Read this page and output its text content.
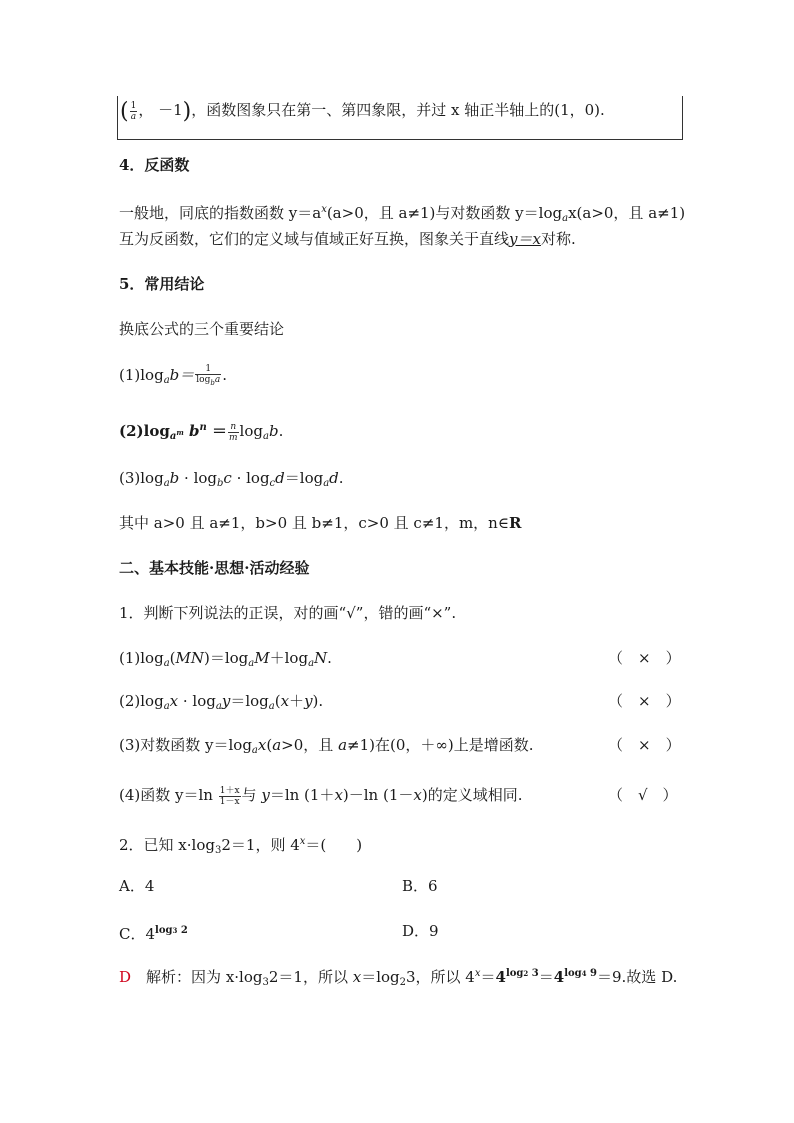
( $\frac{1}{a}$ ， －1)，函数图象只在第一、第四象限，并过 x 轴正半轴上的(1，0).
4．反函数
一般地，同底的指数函数 $y=a^x(a>0$，且 a≠1)与对数函数 $y=\log_ax(a>0$，且 a≠1)
互为反函数，它们的定义域与值域正好互换，图象关于直线y＝x对称.
5．常用结论
换底公式的三个重要结论
$(1)\log_ab= \frac{1}{\log_ba}$ .
$(2)\log_{a^m}$ $b^n = \frac{n}{m} \log_ab$.
$(3)\log_ab \cdot \log_bc \cdot \log_cd=\log_ad$.
其中 a>0 且 a≠1，b>0 且 b≠1，c>0 且 c≠1，m，n∈R
二、基本技能·思想·活动经验
1．判断下列说法的正误，对的画“√”，错的画“×”.
$(1)\log_a(MN)=\log_aM+\log_aN$.	（　×　）
$(2)\log_ax \cdot \log_ay=\log_a(x+y)$.	（　×　）
(3)对数函数 $y=\log_ax(a>0$，且 a≠1)在(0，＋∞)上是增函数.	（　×　）
(4)函数 $y=\ln \frac{1+x}{1-x}$ 与 y＝ln (1＋x)－ln (1－x)的定义域相同.	（　√　）
2．已知 $x\cdot\log_32=1$，则 $4^x=$(　　)
A．4	B．6
C．$4^{log3 2}$	D．9
D　 解析：因为 $x\cdot\log_32=1$，所以 $x=\log_23$，所以 $4^x=4^{log2 3}=4^{log4 9}=9$.故选 D.
